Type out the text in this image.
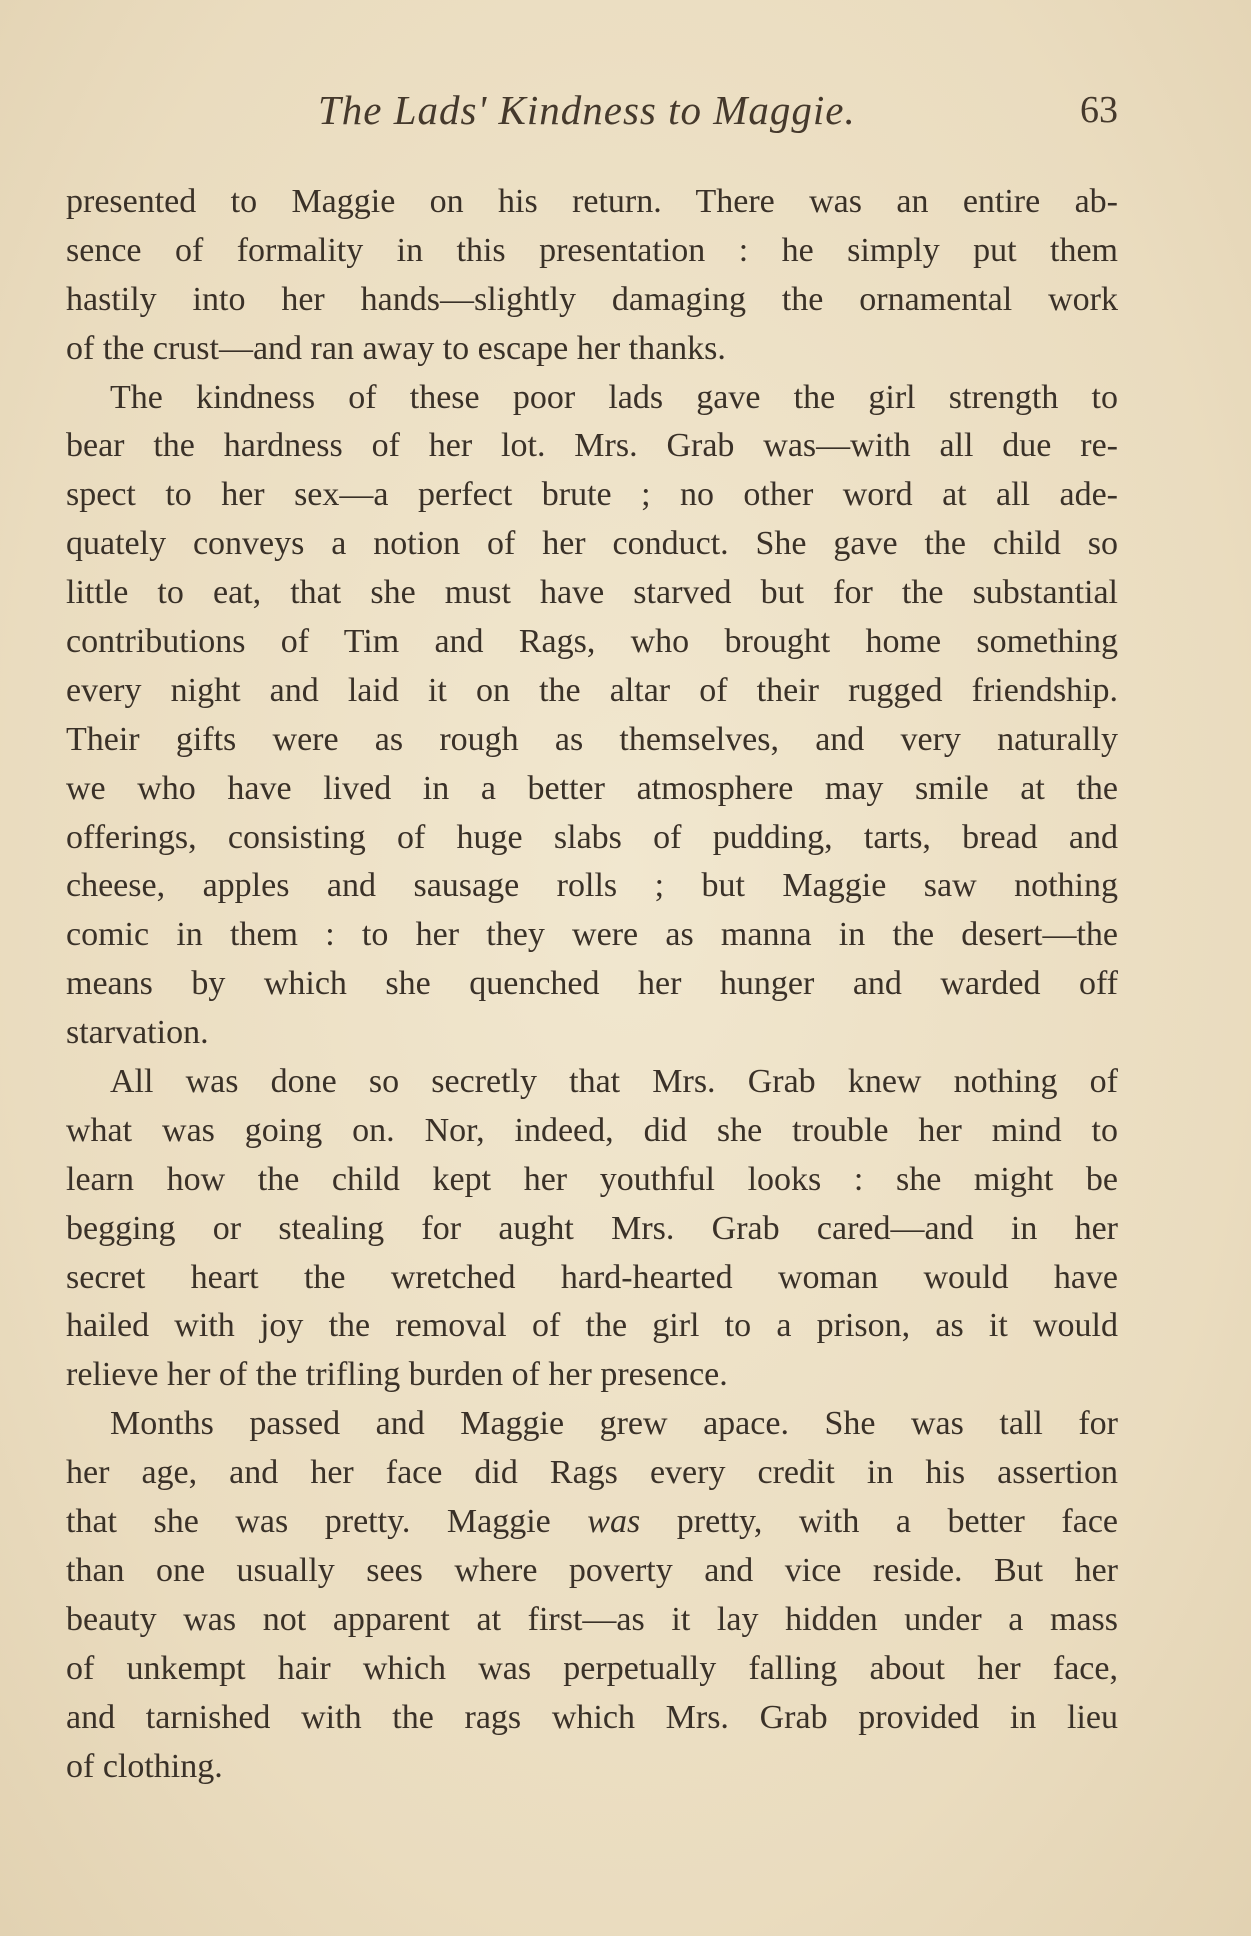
The Lads' Kindness to Maggie.	63
presented to Maggie on his return. There was an entire ab-
sence of formality in this presentation : he simply put them
hastily into her hands—slightly damaging the ornamental work
of the crust—and ran away to escape her thanks.
The kindness of these poor lads gave the girl strength to
bear the hardness of her lot. Mrs. Grab was—with all due re-
spect to her sex—a perfect brute ; no other word at all ade-
quately conveys a notion of her conduct. She gave the child so
little to eat, that she must have starved but for the substantial
contributions of Tim and Rags, who brought home something
every night and laid it on the altar of their rugged friendship.
Their gifts were as rough as themselves, and very naturally
we who have lived in a better atmosphere may smile at the
offerings, consisting of huge slabs of pudding, tarts, bread and
cheese, apples and sausage rolls ; but Maggie saw nothing
comic in them : to her they were as manna in the desert—the
means by which she quenched her hunger and warded off
starvation.
All was done so secretly that Mrs. Grab knew nothing of
what was going on. Nor, indeed, did she trouble her mind to
learn how the child kept her youthful looks : she might be
begging or stealing for aught Mrs. Grab cared—and in her
secret heart the wretched hard-hearted woman would have
hailed with joy the removal of the girl to a prison, as it would
relieve her of the trifling burden of her presence.
Months passed and Maggie grew apace. She was tall for
her age, and her face did Rags every credit in his assertion
that she was pretty. Maggie was pretty, with a better face
than one usually sees where poverty and vice reside. But her
beauty was not apparent at first—as it lay hidden under a mass
of unkempt hair which was perpetually falling about her face,
and tarnished with the rags which Mrs. Grab provided in lieu
of clothing.
